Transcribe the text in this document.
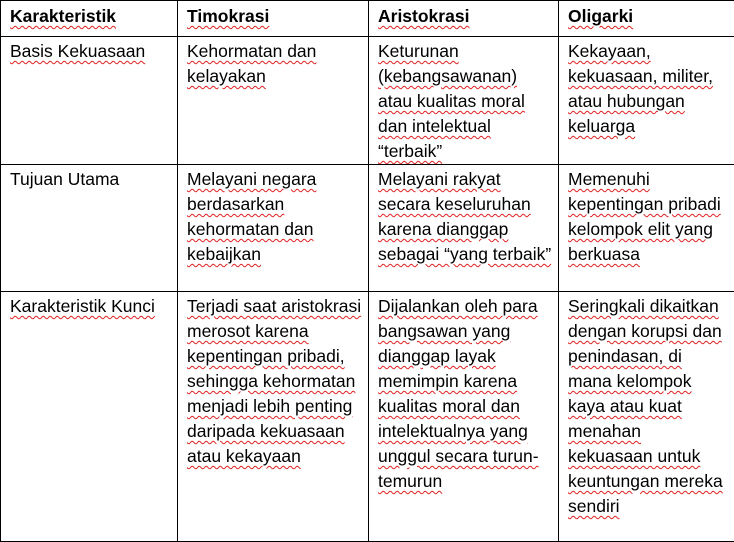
Karakteristik	Timokrasi	Aristokrasi	Oligarki
Basis Kekuasaan	Kehormatan dan kelayakan	Keturunan (kebangsawanan) atau kualitas moral dan intelektual “terbaik”	Kekayaan, kekuasaan, militer, atau hubungan keluarga
Tujuan Utama	Melayani negara berdasarkan kehormatan dan kebaijkan	Melayani rakyat secara keseluruhan karena dianggap sebagai “yang terbaik”	Memenuhi kepentingan pribadi kelompok elit yang berkuasa
Karakteristik Kunci	Terjadi saat aristokrasi merosot karena kepentingan pribadi, sehingga kehormatan menjadi lebih penting daripada kekuasaan atau kekayaan	Dijalankan oleh para bangsawan yang dianggap layak memimpin karena kualitas moral dan intelektualnya yang unggul secara turun-temurun	Seringkali dikaitkan dengan korupsi dan penindasan, di mana kelompok kaya atau kuat menahan kekuasaan untuk keuntungan mereka sendiri
